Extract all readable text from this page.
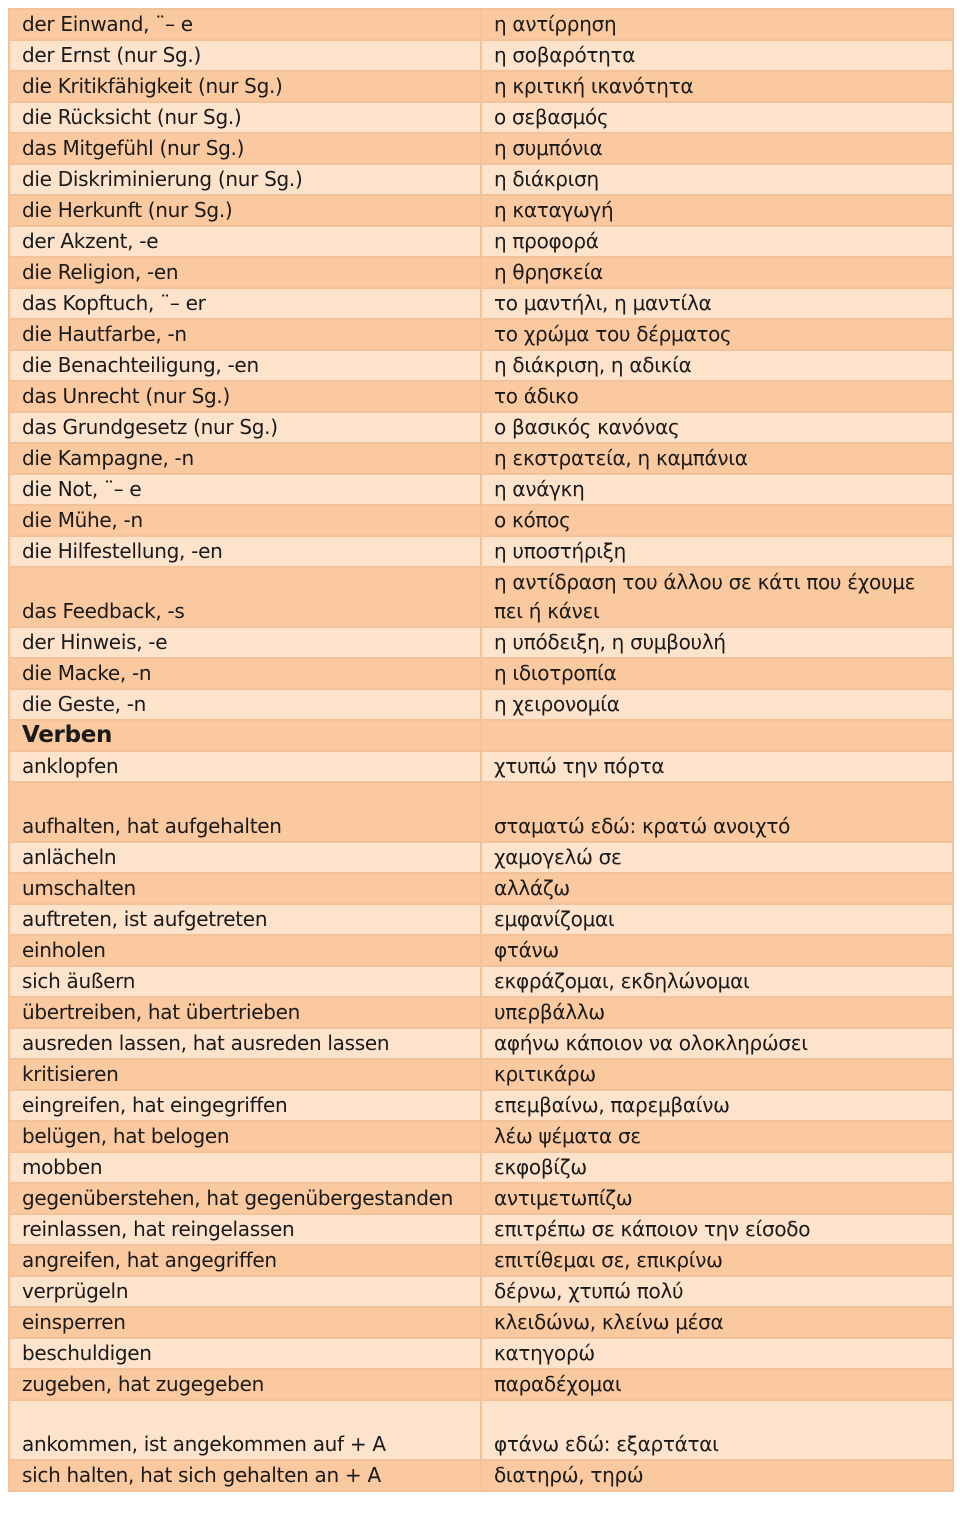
der Einwand, ¨– e	η αντίρρηση
der Ernst (nur Sg.)	η σοβαρότητα
die Kritikfähigkeit (nur Sg.)	η κριτική ικανότητα
die Rücksicht (nur Sg.)	ο σεβασμός
das Mitgefühl (nur Sg.)	η συμπόνια
die Diskriminierung (nur Sg.)	η διάκριση
die Herkunft (nur Sg.)	η καταγωγή
der Akzent, -e	η προφορά
die Religion, -en	η θρησκεία
das Kopftuch, ¨– er	το μαντήλι, η μαντίλα
die Hautfarbe, -n	το χρώμα του δέρματος
die Benachteiligung, -en	η διάκριση, η αδικία
das Unrecht (nur Sg.)	το άδικο
das Grundgesetz (nur Sg.)	ο βασικός κανόνας
die Kampagne, -n	η εκστρατεία, η καμπάνια
die Not, ¨– e	η ανάγκη
die Mühe, -n	ο κόπος
die Hilfestellung, -en	η υποστήριξη
das Feedback, -s	η αντίδραση του άλλου σε κάτι που έχουμε πει ή κάνει
der Hinweis, -e	η υπόδειξη, η συμβουλή
die Macke, -n	η ιδιοτροπία
die Geste, -n	η χειρονομία
Verben	
anklopfen	χτυπώ την πόρτα
aufhalten, hat aufgehalten	σταματώ εδώ: κρατώ ανοιχτό
anlächeln	χαμογελώ σε
umschalten	αλλάζω
auftreten, ist aufgetreten	εμφανίζομαι
einholen	φτάνω
sich äußern	εκφράζομαι, εκδηλώνομαι
übertreiben, hat übertrieben	υπερβάλλω
ausreden lassen, hat ausreden lassen	αφήνω κάποιον να ολοκληρώσει
kritisieren	κριτικάρω
eingreifen, hat eingegriffen	επεμβαίνω, παρεμβαίνω
belügen, hat belogen	λέω ψέματα σε
mobben	εκφοβίζω
gegenüberstehen, hat gegenübergestanden	αντιμετωπίζω
reinlassen, hat reingelassen	επιτρέπω σε κάποιον την είσοδο
angreifen, hat angegriffen	επιτίθεμαι σε, επικρίνω
verprügeln	δέρνω, χτυπώ πολύ
einsperren	κλειδώνω, κλείνω μέσα
beschuldigen	κατηγορώ
zugeben, hat zugegeben	παραδέχομαι
ankommen, ist angekommen auf + A	φτάνω εδώ: εξαρτάται
sich halten, hat sich gehalten an + A	διατηρώ, τηρώ
